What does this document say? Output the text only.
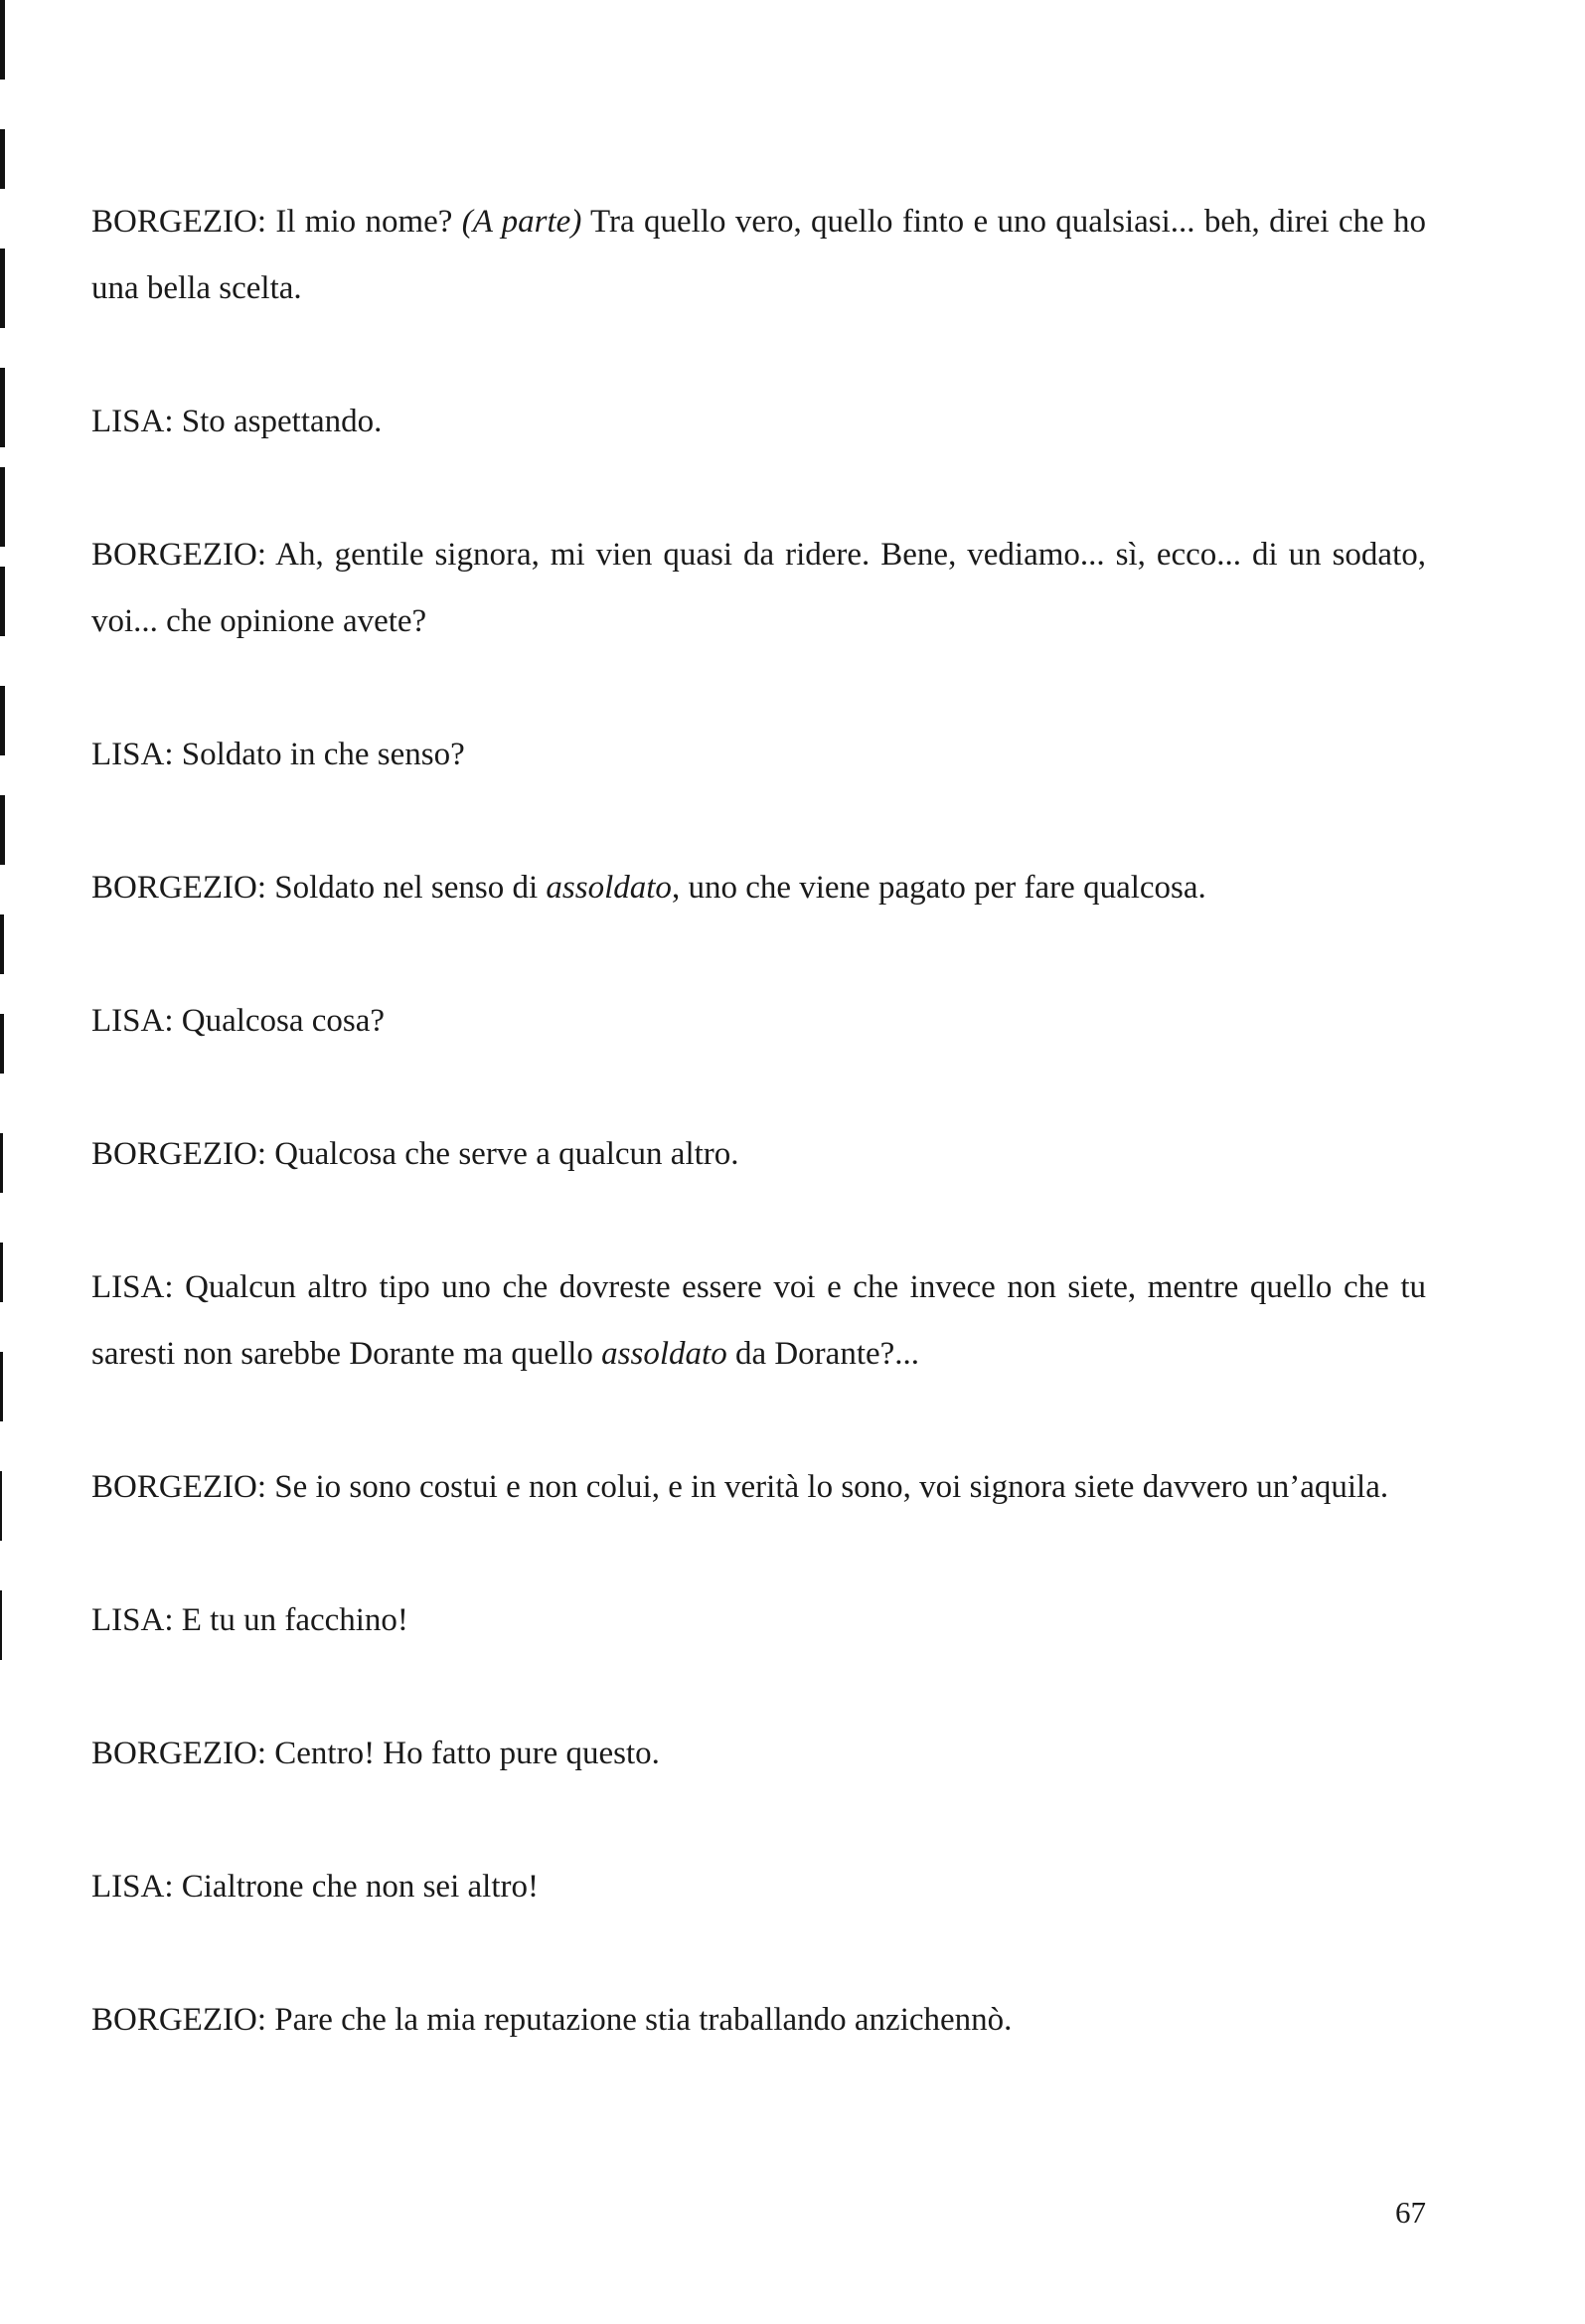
BORGEZIO: Il mio nome? (A parte) Tra quello vero, quello finto e uno qualsiasi... beh, direi che ho una bella scelta.

LISA: Sto aspettando.

BORGEZIO: Ah, gentile signora, mi vien quasi da ridere. Bene, vediamo... sì, ecco... di un sodato, voi... che opinione avete?

LISA: Soldato in che senso?

BORGEZIO: Soldato nel senso di assoldato, uno che viene pagato per fare qualcosa.

LISA: Qualcosa cosa?

BORGEZIO: Qualcosa che serve a qualcun altro.

LISA: Qualcun altro tipo uno che dovreste essere voi e che invece non siete, mentre quello che tu saresti non sarebbe Dorante ma quello assoldato da Dorante?...

BORGEZIO: Se io sono costui e non colui, e in verità lo sono, voi signora siete davvero un’aquila.

LISA: E tu un facchino!

BORGEZIO: Centro! Ho fatto pure questo.

LISA: Cialtrone che non sei altro!

BORGEZIO: Pare che la mia reputazione stia traballando anzichennò.

67
